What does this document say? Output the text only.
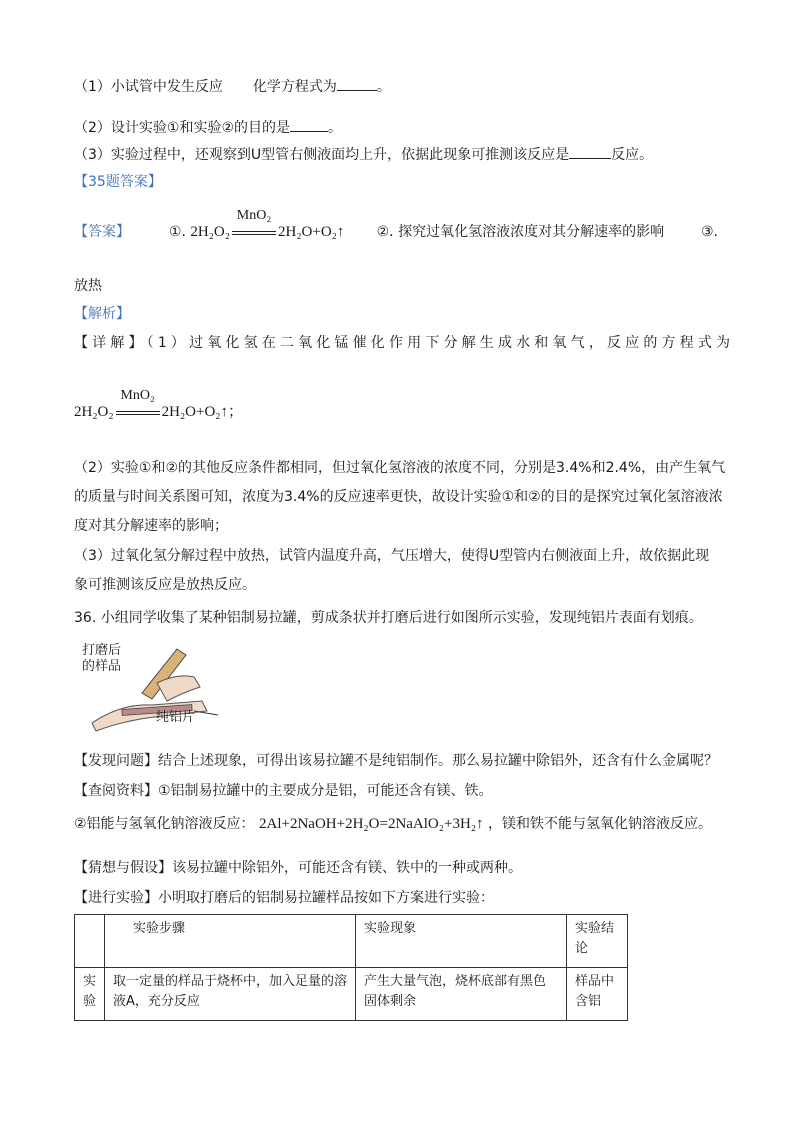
（1）小试管中发生反应 化学方程式为	。
（2）设计实验①和实验②的目的是	。
（3）实验过程中，还观察到U型管右侧液面均上升，依据此现象可推测该反应是	反应。
【35题答案】
【答案】	①. 2H₂O₂
MnO₂
2H₂O+O₂↑ ②. 探究过氧化氢溶液浓度对其分解速率的影响	③.
放热
【解析】
【详解】（1）过氧化氢在二氧化锰催化作用下分解生成水和氧气，反应的方程式为
2H₂O₂
MnO₂
2H₂O+O₂↑；
（2）实验①和②的其他反应条件都相同，但过氧化氢溶液的浓度不同，分别是3.4%和2.4%，由产生氧气
的质量与时间关系图可知，浓度为3.4%的反应速率更快，故设计实验①和②的目的是探究过氧化氢溶液浓
度对其分解速率的影响；
（3）过氧化氢分解过程中放热，试管内温度升高，气压增大，使得U型管内右侧液面上升，故依据此现
象可推测该反应是放热反应。
36. 小组同学收集了某种铝制易拉罐，剪成条状并打磨后进行如图所示实验，发现纯铝片表面有划痕。
打磨后
的样品
纯铝片
【发现问题】结合上述现象，可得出该易拉罐不是纯铝制作。那么易拉罐中除铝外，还含有什么金属呢？
【查阅资料】①铝制易拉罐中的主要成分是铝，可能还含有镁、铁。
②铝能与氢氧化钠溶液反应： 2Al+2NaOH+2H₂O=2NaAlO₂+3H₂↑ ，镁和铁不能与氢氧化钠溶液反应。
【猜想与假设】该易拉罐中除铝外，可能还含有镁、铁中的一种或两种。
【进行实验】小明取打磨后的铝制易拉罐样品按如下方案进行实验：
	实验步骤	实验现象	实验结论
实验	取一定量的样品于烧杯中，加入足量的溶液A，充分反应	产生大量气泡，烧杯底部有黑色固体剩余	样品中含铝
